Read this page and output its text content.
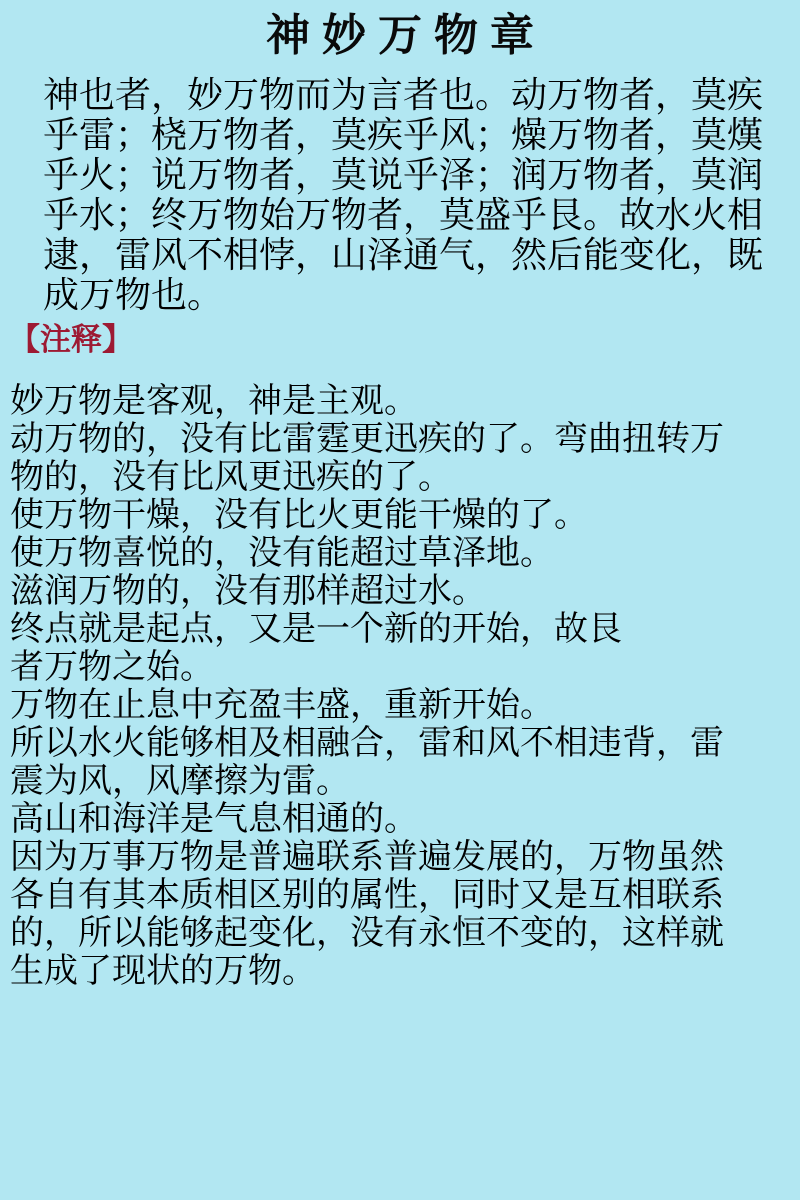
神妙万物章
神也者，妙万物而为言者也。动万物者，莫疾
乎雷；桡万物者，莫疾乎风；燥万物者，莫熯
乎火；说万物者，莫说乎泽；润万物者，莫润
乎水；终万物始万物者，莫盛乎艮。故水火相
逮，雷风不相悖，山泽通气，然后能变化，既
成万物也。
【注释】
妙万物是客观，神是主观。
动万物的，没有比雷霆更迅疾的了。弯曲扭转万
物的，没有比风更迅疾的了。
使万物干燥，没有比火更能干燥的了。
使万物喜悦的，没有能超过草泽地。
滋润万物的，没有那样超过水。
终点就是起点，又是一个新的开始，故艮
者万物之始。
万物在止息中充盈丰盛，重新开始。
所以水火能够相及相融合，雷和风不相违背，雷
震为风，风摩擦为雷。
高山和海洋是气息相通的。
因为万事万物是普遍联系普遍发展的，万物虽然
各自有其本质相区别的属性，同时又是互相联系
的，所以能够起变化，没有永恒不变的，这样就
生成了现状的万物。
